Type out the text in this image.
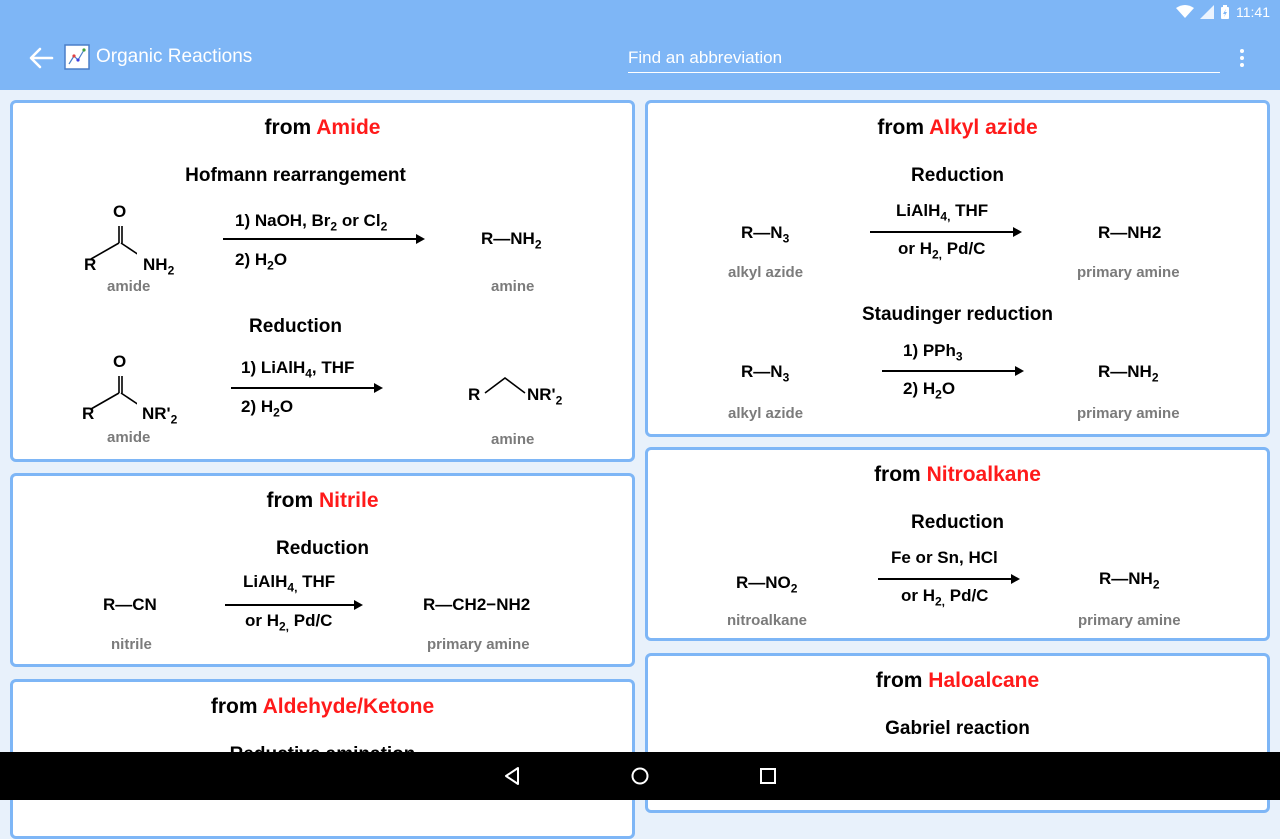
11:41
Organic Reactions
Find an abbreviation
from Amide
Hofmann rearrangement
O
R	$NH_2$
amide
1) NaOH, $Br_2$ or $Cl_2$
2) $H_2O$
$R—NH_2$
amine
Reduction
O
R	$NR'_2$
amide
1) LiAlH$_4$, THF
2) $H_2O$
R	$NR'_2$
amine
from Nitrile
Reduction
R—CN
nitrile
LiAlH$_{4,}$ THF
or $H_{2,}$ Pd/C
R—CH2−NH2
primary amine
from Aldehyde/Ketone
from Alkyl azide
Reduction
$R—N_3$
alkyl azide
LiAlH$_{4,}$ THF
or $H_{2,}$ Pd/C
R—NH2
primary amine
Staudinger reduction
$R—N_3$
alkyl azide
1) PPh$_3$
2) $H_2O$
$R—NH_2$
primary amine
from Nitroalkane
Reduction
$R—NO_2$
nitroalkane
Fe or Sn, HCl
or $H_{2,}$ Pd/C
$R—NH_2$
primary amine
from Haloalcane
Gabriel reaction
